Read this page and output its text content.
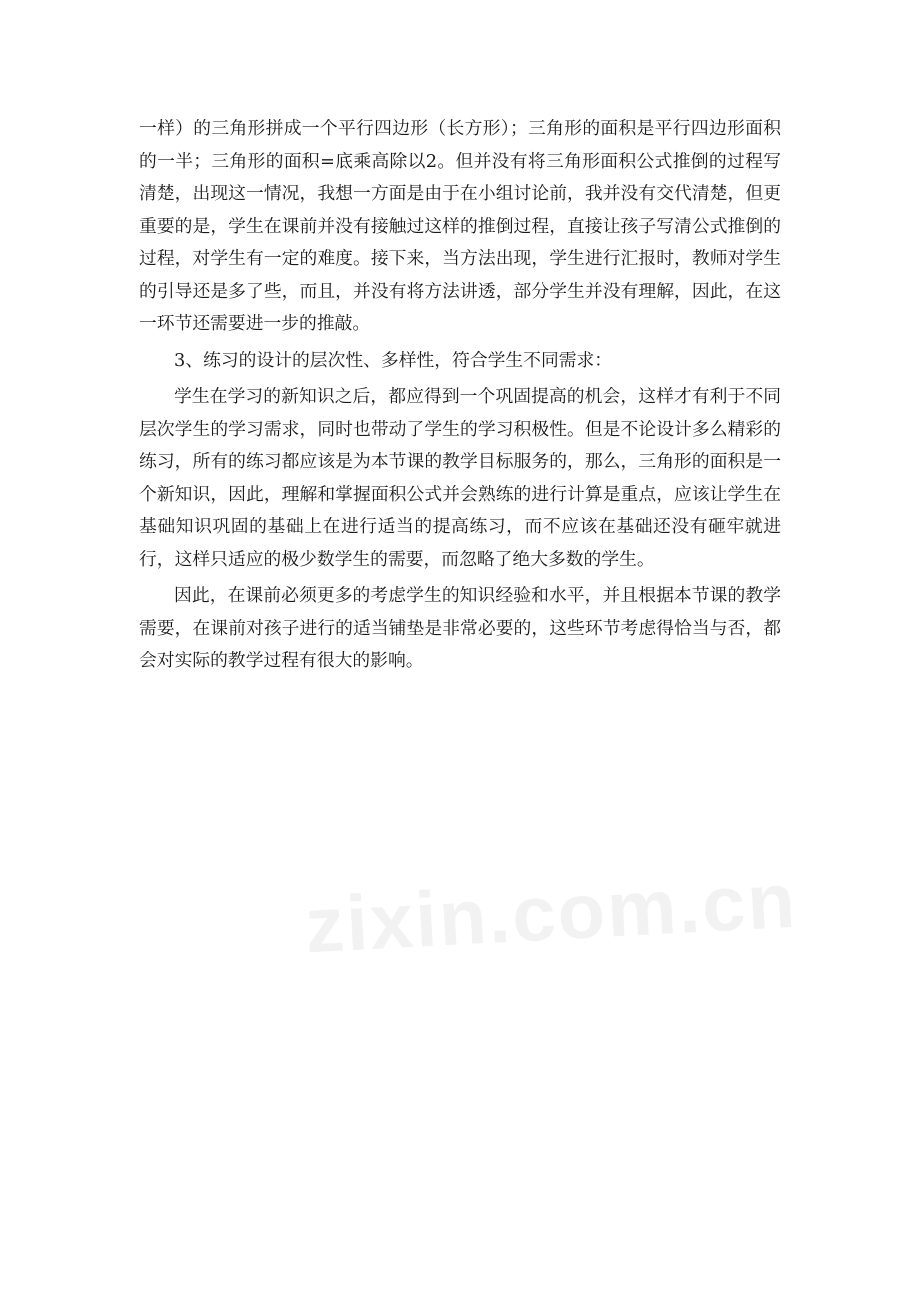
一样）的三角形拼成一个平行四边形（长方形）；三角形的面积是平行四边形面积的一半；三角形的面积=底乘高除以2。但并没有将三角形面积公式推倒的过程写清楚，出现这一情况，我想一方面是由于在小组讨论前，我并没有交代清楚，但更重要的是，学生在课前并没有接触过这样的推倒过程，直接让孩子写清公式推倒的过程，对学生有一定的难度。接下来，当方法出现，学生进行汇报时，教师对学生的引导还是多了些，而且，并没有将方法讲透，部分学生并没有理解，因此，在这一环节还需要进一步的推敲。

3、练习的设计的层次性、多样性，符合学生不同需求：

学生在学习的新知识之后，都应得到一个巩固提高的机会，这样才有利于不同层次学生的学习需求，同时也带动了学生的学习积极性。但是不论设计多么精彩的练习，所有的练习都应该是为本节课的教学目标服务的，那么，三角形的面积是一个新知识，因此，理解和掌握面积公式并会熟练的进行计算是重点，应该让学生在基础知识巩固的基础上在进行适当的提高练习，而不应该在基础还没有砸牢就进行，这样只适应的极少数学生的需要，而忽略了绝大多数的学生。

因此，在课前必须更多的考虑学生的知识经验和水平，并且根据本节课的教学需要，在课前对孩子进行的适当铺垫是非常必要的，这些环节考虑得恰当与否，都会对实际的教学过程有很大的影响。

zixin.com.cn
